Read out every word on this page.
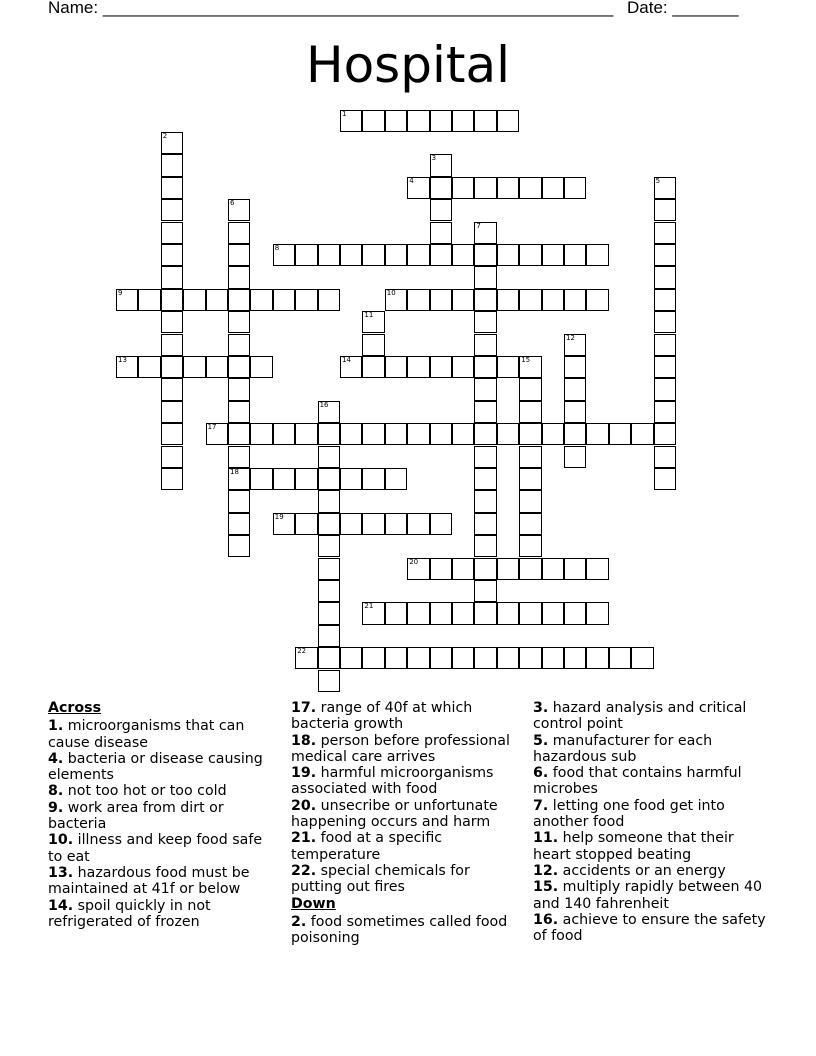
Name: ______________________________________________________ Date: _______
Hospital
1
2
3
4	5
6
18
7
8
9	10
11
12
13	14	15
16
17
19
20
21
22
Across
1. microorganisms that can cause disease
4. bacteria or disease causing elements
8. not too hot or too cold
9. work area from dirt or bacteria
10. illness and keep food safe to eat
13. hazardous food must be maintained at 41f or below
14. spoil quickly in not refrigerated of frozen
17. range of 40f at which bacteria growth
18. person before professional medical care arrives
19. harmful microorganisms associated with food
20. unsecribe or unfortunate happening occurs and harm
21. food at a specific temperature
22. special chemicals for putting out fires
Down
2. food sometimes called food poisoning
3. hazard analysis and critical control point
5. manufacturer for each hazardous sub
6. food that contains harmful microbes
7. letting one food get into another food
11. help someone that their heart stopped beating
12. accidents or an energy
15. multiply rapidly between 40 and 140 fahrenheit
16. achieve to ensure the safety of food
